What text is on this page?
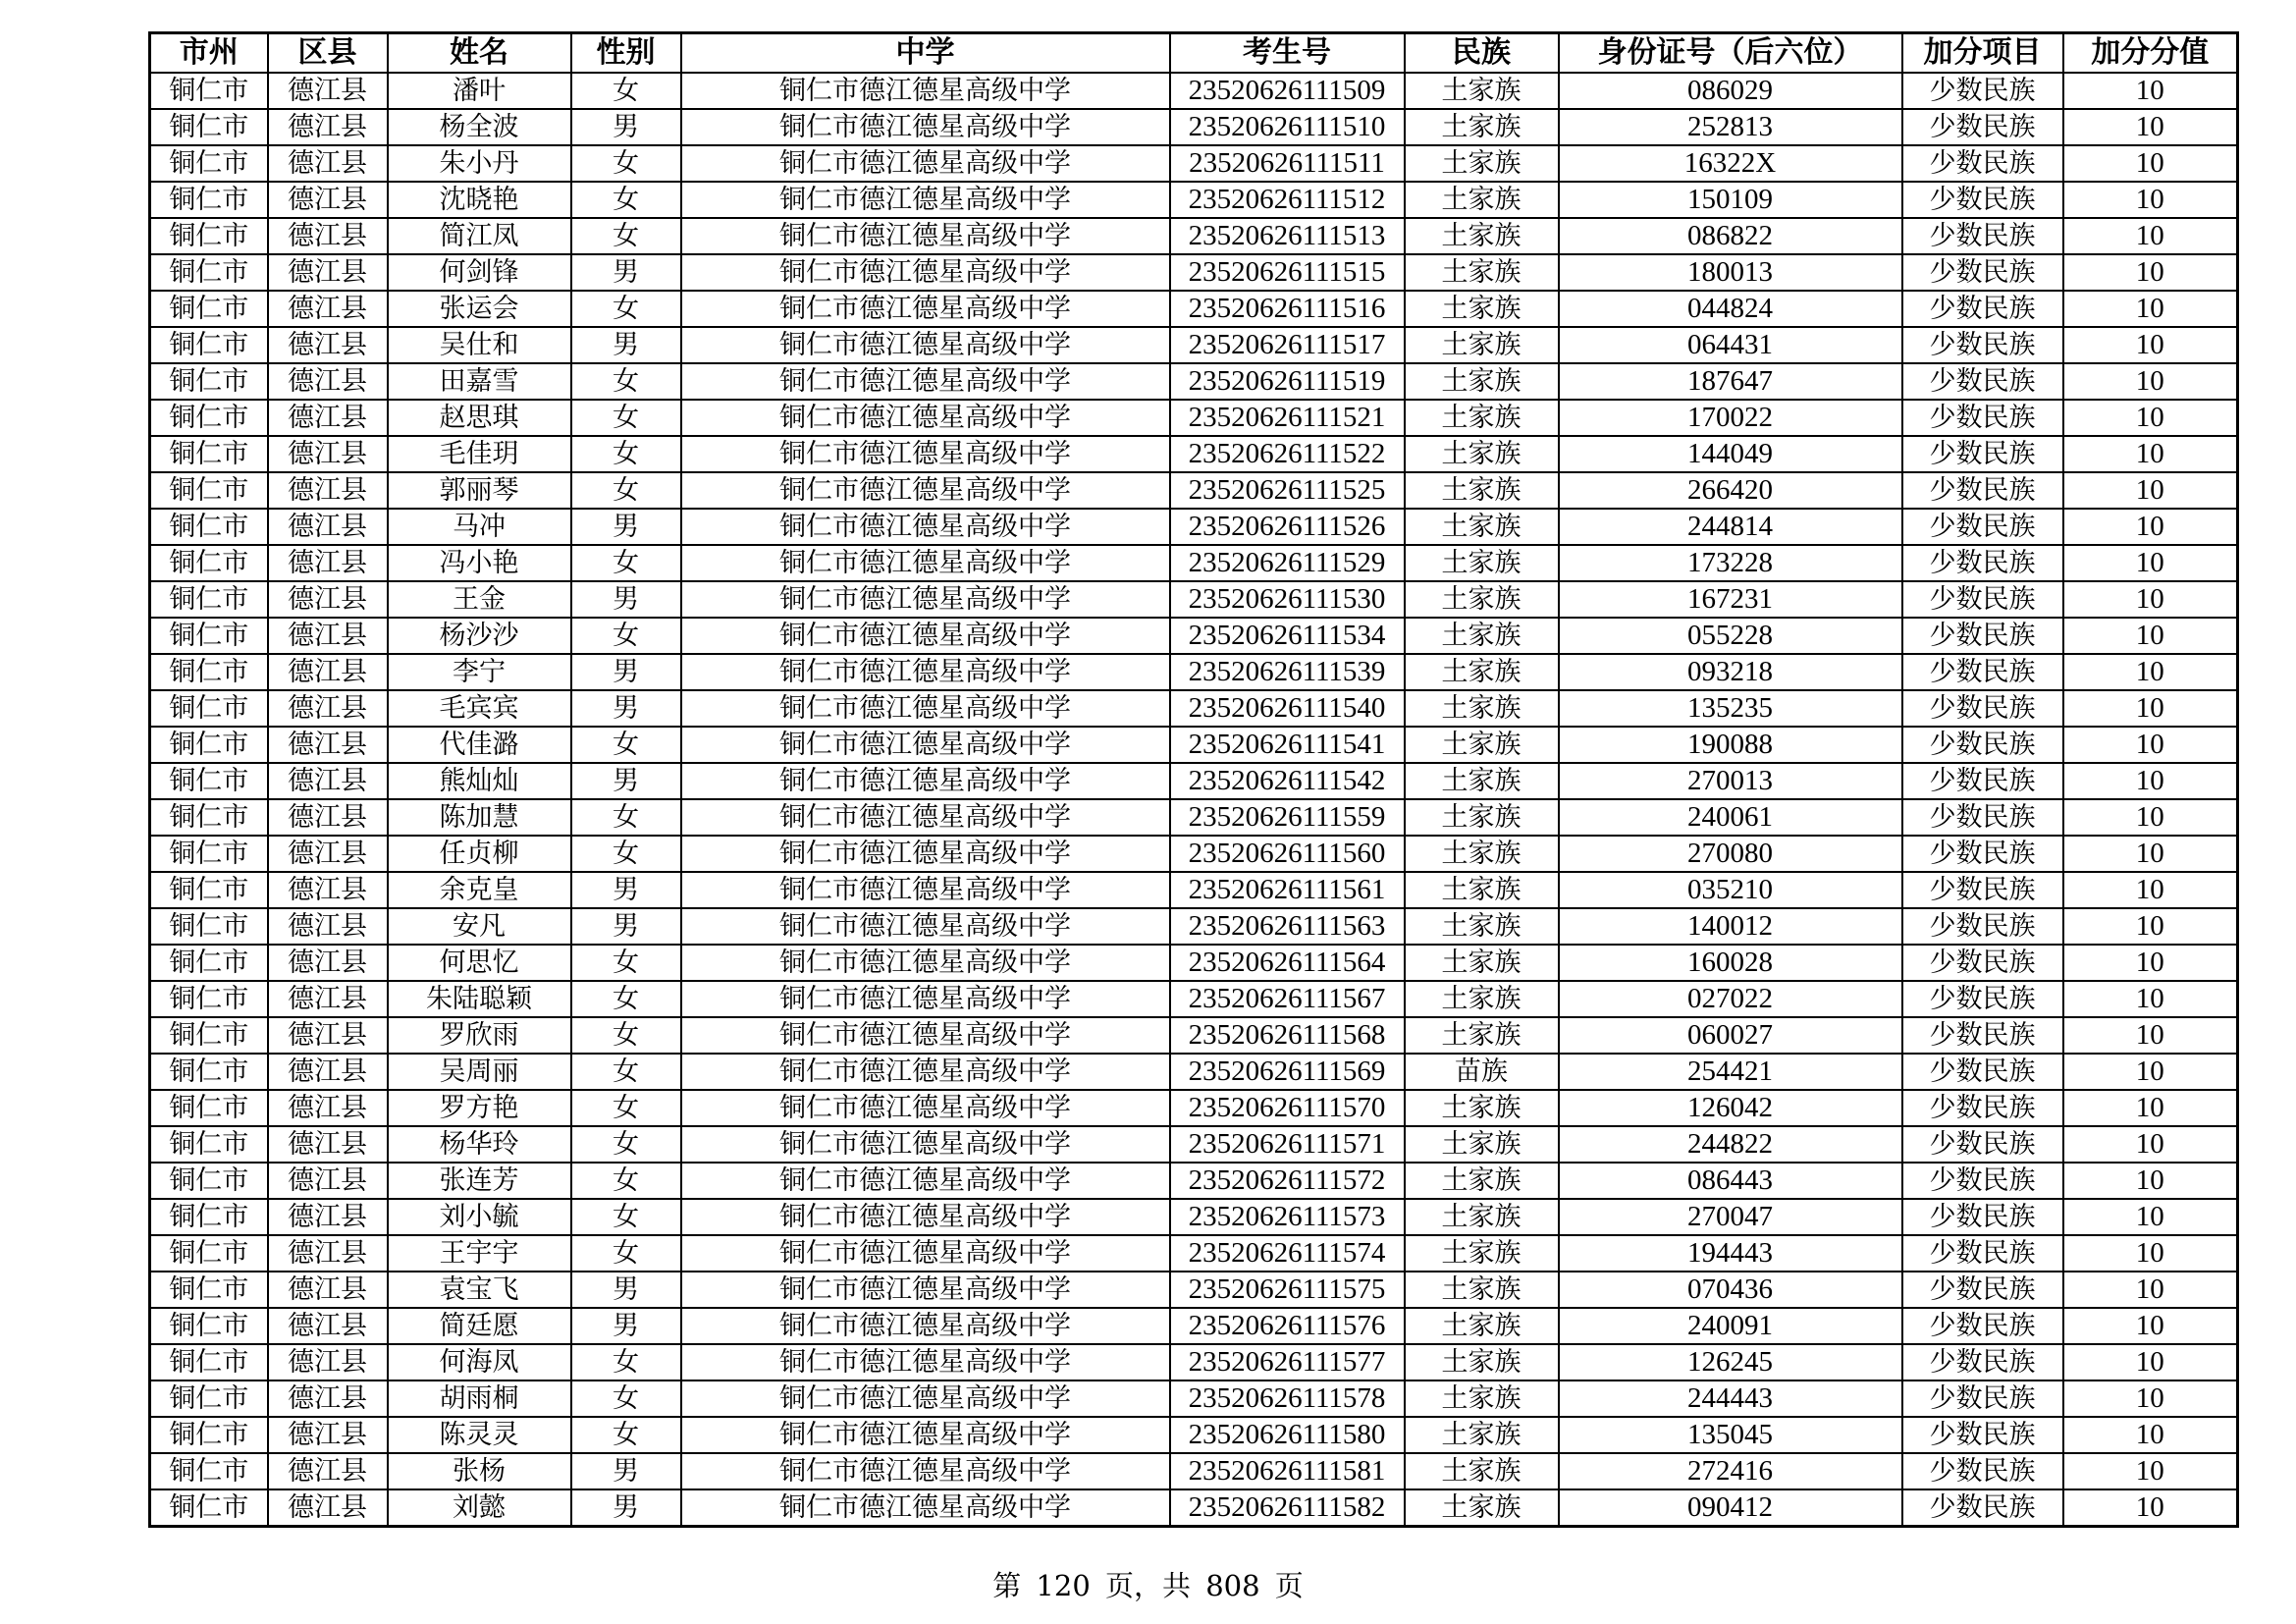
市州	区县	姓名	性别	中学	考生号	民族	身份证号（后六位）	加分项目	加分分值
铜仁市	德江县	潘叶	女	铜仁市德江德星高级中学	23520626111509	土家族	086029	少数民族	10
铜仁市	德江县	杨全波	男	铜仁市德江德星高级中学	23520626111510	土家族	252813	少数民族	10
铜仁市	德江县	朱小丹	女	铜仁市德江德星高级中学	23520626111511	土家族	16322X	少数民族	10
铜仁市	德江县	沈晓艳	女	铜仁市德江德星高级中学	23520626111512	土家族	150109	少数民族	10
铜仁市	德江县	简江凤	女	铜仁市德江德星高级中学	23520626111513	土家族	086822	少数民族	10
铜仁市	德江县	何剑锋	男	铜仁市德江德星高级中学	23520626111515	土家族	180013	少数民族	10
铜仁市	德江县	张运会	女	铜仁市德江德星高级中学	23520626111516	土家族	044824	少数民族	10
铜仁市	德江县	吴仕和	男	铜仁市德江德星高级中学	23520626111517	土家族	064431	少数民族	10
铜仁市	德江县	田嘉雪	女	铜仁市德江德星高级中学	23520626111519	土家族	187647	少数民族	10
铜仁市	德江县	赵思琪	女	铜仁市德江德星高级中学	23520626111521	土家族	170022	少数民族	10
铜仁市	德江县	毛佳玥	女	铜仁市德江德星高级中学	23520626111522	土家族	144049	少数民族	10
铜仁市	德江县	郭丽琴	女	铜仁市德江德星高级中学	23520626111525	土家族	266420	少数民族	10
铜仁市	德江县	马冲	男	铜仁市德江德星高级中学	23520626111526	土家族	244814	少数民族	10
铜仁市	德江县	冯小艳	女	铜仁市德江德星高级中学	23520626111529	土家族	173228	少数民族	10
铜仁市	德江县	王金	男	铜仁市德江德星高级中学	23520626111530	土家族	167231	少数民族	10
铜仁市	德江县	杨沙沙	女	铜仁市德江德星高级中学	23520626111534	土家族	055228	少数民族	10
铜仁市	德江县	李宁	男	铜仁市德江德星高级中学	23520626111539	土家族	093218	少数民族	10
铜仁市	德江县	毛宾宾	男	铜仁市德江德星高级中学	23520626111540	土家族	135235	少数民族	10
铜仁市	德江县	代佳潞	女	铜仁市德江德星高级中学	23520626111541	土家族	190088	少数民族	10
铜仁市	德江县	熊灿灿	男	铜仁市德江德星高级中学	23520626111542	土家族	270013	少数民族	10
铜仁市	德江县	陈加慧	女	铜仁市德江德星高级中学	23520626111559	土家族	240061	少数民族	10
铜仁市	德江县	任贞柳	女	铜仁市德江德星高级中学	23520626111560	土家族	270080	少数民族	10
铜仁市	德江县	余克皇	男	铜仁市德江德星高级中学	23520626111561	土家族	035210	少数民族	10
铜仁市	德江县	安凡	男	铜仁市德江德星高级中学	23520626111563	土家族	140012	少数民族	10
铜仁市	德江县	何思忆	女	铜仁市德江德星高级中学	23520626111564	土家族	160028	少数民族	10
铜仁市	德江县	朱陆聪颖	女	铜仁市德江德星高级中学	23520626111567	土家族	027022	少数民族	10
铜仁市	德江县	罗欣雨	女	铜仁市德江德星高级中学	23520626111568	土家族	060027	少数民族	10
铜仁市	德江县	吴周丽	女	铜仁市德江德星高级中学	23520626111569	苗族	254421	少数民族	10
铜仁市	德江县	罗方艳	女	铜仁市德江德星高级中学	23520626111570	土家族	126042	少数民族	10
铜仁市	德江县	杨华玲	女	铜仁市德江德星高级中学	23520626111571	土家族	244822	少数民族	10
铜仁市	德江县	张连芳	女	铜仁市德江德星高级中学	23520626111572	土家族	086443	少数民族	10
铜仁市	德江县	刘小毓	女	铜仁市德江德星高级中学	23520626111573	土家族	270047	少数民族	10
铜仁市	德江县	王宇宇	女	铜仁市德江德星高级中学	23520626111574	土家族	194443	少数民族	10
铜仁市	德江县	袁宝飞	男	铜仁市德江德星高级中学	23520626111575	土家族	070436	少数民族	10
铜仁市	德江县	简廷愿	男	铜仁市德江德星高级中学	23520626111576	土家族	240091	少数民族	10
铜仁市	德江县	何海凤	女	铜仁市德江德星高级中学	23520626111577	土家族	126245	少数民族	10
铜仁市	德江县	胡雨桐	女	铜仁市德江德星高级中学	23520626111578	土家族	244443	少数民族	10
铜仁市	德江县	陈灵灵	女	铜仁市德江德星高级中学	23520626111580	土家族	135045	少数民族	10
铜仁市	德江县	张杨	男	铜仁市德江德星高级中学	23520626111581	土家族	272416	少数民族	10
铜仁市	德江县	刘懿	男	铜仁市德江德星高级中学	23520626111582	土家族	090412	少数民族	10
第 120 页，共 808 页
